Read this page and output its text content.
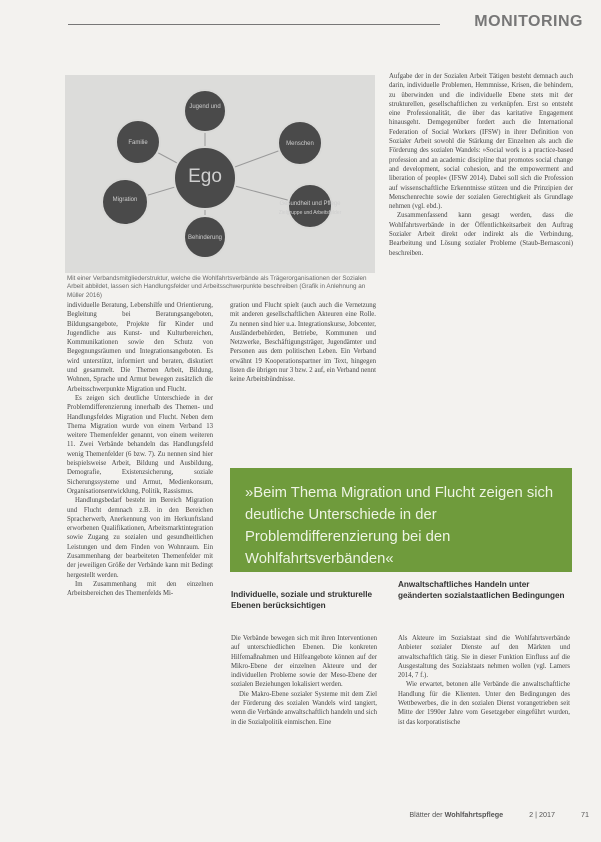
MONITORING
Ego
Jugend und
Menschen
Gesundheit und Pflege
Behinderung
Migration
Familie
Zielgruppe und Arbeitsfelder
Mit einer Verbandsmitgliederstruktur, welche die Wohlfahrtsverbände als Trägerorganisationen der Sozialen Arbeit abbildet, lassen sich Handlungsfelder und Arbeitsschwerpunkte beschreiben (Grafik in Anlehnung an Müller 2016)

Aufgabe der in der Sozialen Arbeit Tätigen besteht demnach auch darin, individuelle Problemen, Hemmnisse, Krisen, die behindern, zu überwinden und die individuelle Ebene stets mit der strukturellen, gesellschaftlichen zu verknüpfen. Erst so entsteht eine Professionalität, die über das karitative Engagement hinausgeht. Demgegenüber fordert auch die International Federation of Social Workers (IFSW) in ihrer Definition von Sozialer Arbeit sowohl die Stärkung der Einzelnen als auch die Förderung des sozialen Wandels: »Social work is a practice-based profession and an academic discipline that promotes social change and development, social cohesion, and the empowerment and liberation of people« (IFSW 2014). Dabei soll sich die Profession auf wissenschaftliche Erkenntnisse stützen und die Prinzipien der Menschenrechte sowie der sozialen Gerechtigkeit als Grundlage nehmen (vgl. ebd.).

Zusammenfassend kann gesagt werden, dass die Wohlfahrtsverbände in der Öffentlichkeitsarbeit den Auftrag Sozialer Arbeit direkt oder indirekt als die Verbindung, Bearbeitung und Lösung sozialer Probleme (Staub-Bernasconi) beschreiben.

individuelle Beratung, Lebenshilfe und Orientierung, Begleitung bei Beratungsangeboten, Bildungsangebote, Projekte für Kinder und Jugendliche aus Kunst- und Kulturbereichen, Kommunikationen sowie den Schutz von Begegnungsräumen und Integrationsangeboten. Es wird unterstützt, informiert und beraten, diskutiert und gesammelt. Die Themen Arbeit, Bildung, Wohnen, Sprache und Armut bewegen zusätzlich die Arbeitsschwerpunkte Migration und Flucht.

Es zeigen sich deutliche Unterschiede in der Problemdifferenzierung innerhalb des Themen- und Handlungsfeldes Migration und Flucht. Neben dem Thema Migration wurde von einem Verband 13 weitere Themenfelder genannt, von einem weiteren 11. Zwei Verbände behandeln das Handlungsfeld wenig Themenfelder (6 bzw. 7). Zu nennen sind hier beispielsweise Arbeit, Bildung und Ausbildung, Demografie, Existenzsicherung, soziale Sicherungssysteme und Armut, Medienkonsum, Organisationsentwicklung, Politik, Rassismus.

Handlungsbedarf besteht im Bereich Migration und Flucht demnach z.B. in den Bereichen Spracherwerb, Anerkennung von im Herkunftsland erworbenen Qualifikationen, Arbeitsmarktintegration sowie Zugang zu sozialen und gesundheitlichen Leistungen und dem Finden von Wohnraum. Ein Zusammenhang der bearbeiteten Themenfelder mit der jeweiligen Größe der Verbände kann mit Bedingt hergestellt werden.

Im Zusammenhang mit den einzelnen Arbeitsbereichen des Themenfelds Mi-

gration und Flucht spielt (auch auch die Vernetzung mit anderen gesellschaftlichen Akteuren eine Rolle. Zu nennen sind hier u.a. Integrationskurse, Jobcenter, Ausländerbehörden, Betriebe, Kommunen und Netzwerke, Beschäftigungsträger, Jugendämter und Personen aus dem politischen Leben. Ein Verband erwähnt 19 Kooperationspartner im Text, hingegen listen die übrigen nur 3 bzw. 2 auf, ein Verband nennt keine Arbeitsbündnisse.

»Beim Thema Migration und Flucht zeigen sich deutliche Unterschiede in der Problemdifferenzierung bei den Wohlfahrtsverbänden«
Individuelle, soziale und strukturelle Ebenen berücksichtigen
Anwaltschaftliches Handeln unter geänderten sozialstaatlichen Bedingungen

Die Verbände bewegen sich mit ihren Interventionen auf unterschiedlichen Ebenen. Die konkreten Hilfemaßnahmen und Hilfeangebote können auf der Mikro-Ebene der einzelnen Akteure und der individuellen Probleme sowie der Meso-Ebene der sozialen Beziehungen lokalisiert werden.

Die Makro-Ebene sozialer Systeme mit dem Ziel der Förderung des sozialen Wandels wird tangiert, wenn die Verbände anwaltschaftlich handeln und sich in die Sozialpolitik einmischen. Eine

Als Akteure im Sozialstaat sind die Wohlfahrtsverbände Anbieter sozialer Dienste auf den Märkten und anwaltschaftlich tätig. Sie in dieser Funktion Einfluss auf die Ausgestaltung des Sozialstaats nehmen wollen (vgl. Lamers 2014, 7 f.).

Wie erwartet, betonen alle Verbände die anwaltschaftliche Handlung für die Klienten. Unter den Bedingungen des Wettbewerbes, die in den sozialen Dienst vorangetrieben seit Mitte der 1990er Jahre vom Gesetzgeber eingeführt wurden, ist das korporatistische

Blätter der Wohlfahrtspflege	2 | 2017	71
